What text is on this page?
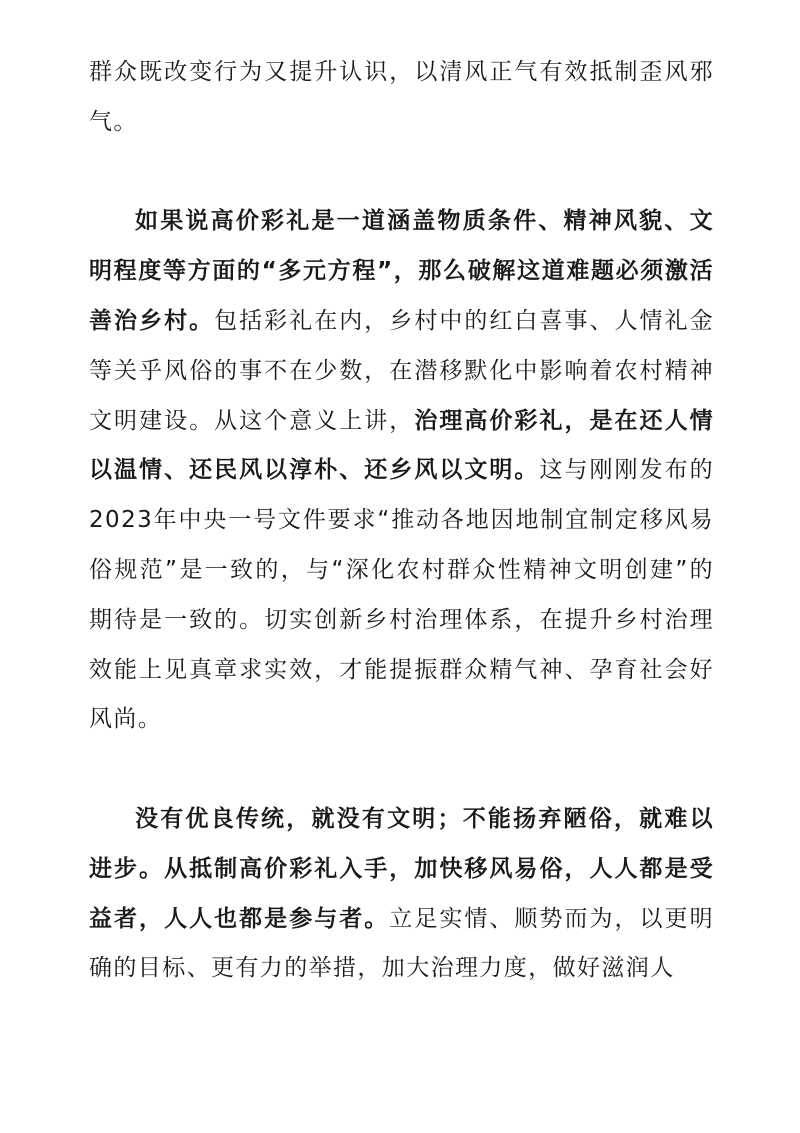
群众既改变行为又提升认识，以清风正气有效抵制歪风邪气。

如果说高价彩礼是一道涵盖物质条件、精神风貌、文明程度等方面的“多元方程”，那么破解这道难题必须激活善治乡村。包括彩礼在内，乡村中的红白喜事、人情礼金等关乎风俗的事不在少数，在潜移默化中影响着农村精神文明建设。从这个意义上讲，治理高价彩礼，是在还人情以温情、还民风以淳朴、还乡风以文明。这与刚刚发布的2023年中央一号文件要求“推动各地因地制宜制定移风易俗规范”是一致的，与“深化农村群众性精神文明创建”的期待是一致的。切实创新乡村治理体系，在提升乡村治理效能上见真章求实效，才能提振群众精气神、孕育社会好风尚。

没有优良传统，就没有文明；不能扬弃陋俗，就难以进步。从抵制高价彩礼入手，加快移风易俗，人人都是受益者，人人也都是参与者。立足实情、顺势而为，以更明确的目标、更有力的举措，加大治理力度，做好滋润人
